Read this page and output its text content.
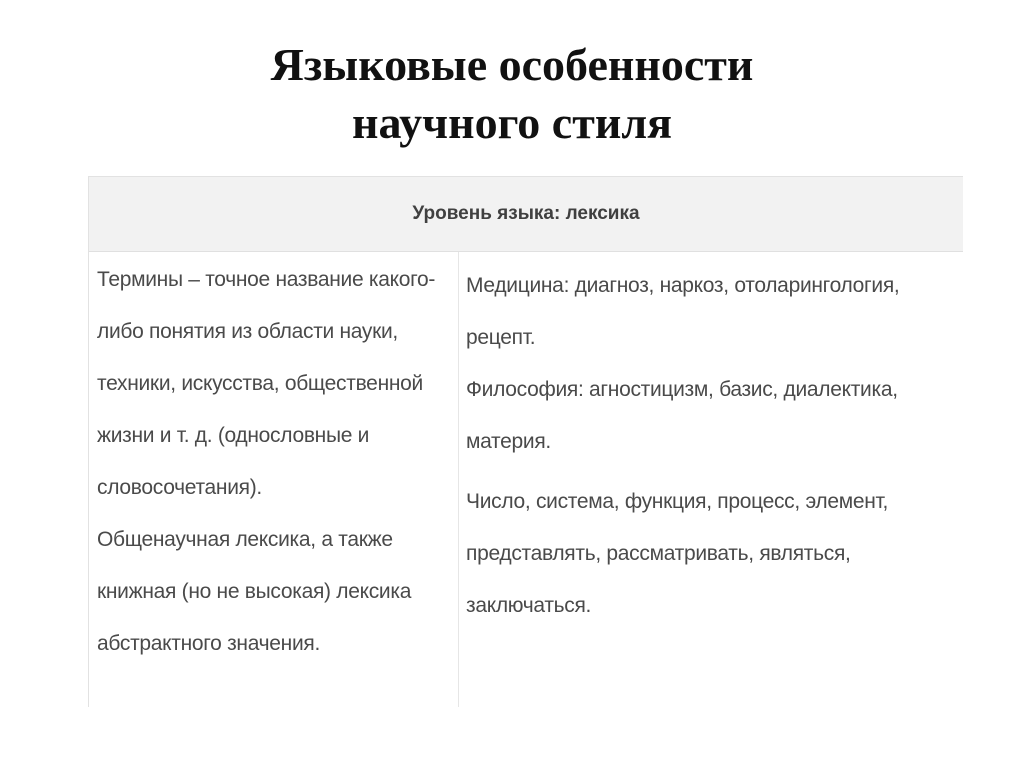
Языковые особенности
научного стиля
Уровень языка: лексика
Термины – точное название какого-
либо понятия из области науки,
техники, искусства, общественной
жизни и т. д. (однословные и
словосочетания).
Общенаучная лексика, а также
книжная (но не высокая) лексика
абстрактного значения.
Медицина: диагноз, наркоз, отоларингология,
рецепт.
Философия: агностицизм, базис, диалектика,
материя.
Число, система, функция, процесс, элемент,
представлять, рассматривать, являться,
заключаться.
